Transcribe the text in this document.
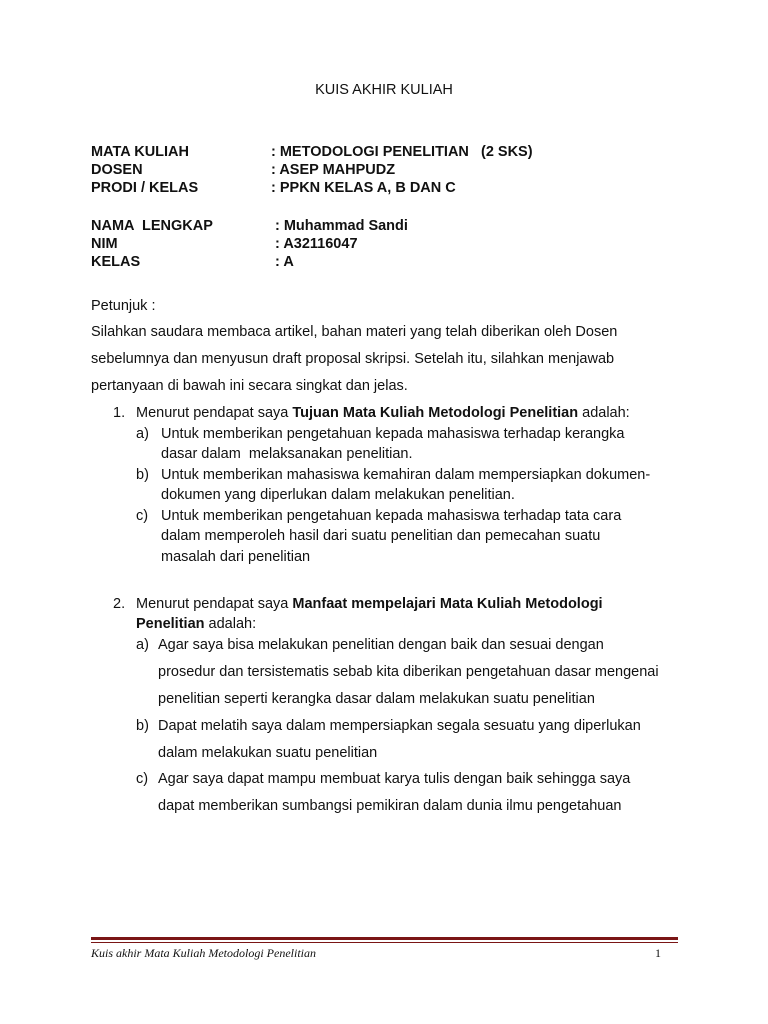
KUIS AKHIR KULIAH
MATA KULIAH	: METODOLOGI PENELITIAN   (2 SKS)
DOSEN	: ASEP MAHPUDZ
PRODI / KELAS	: PPKN KELAS A, B DAN C
NAMA  LENGKAP	: Muhammad Sandi
NIM	: A32116047
KELAS	: A
Petunjuk :
Silahkan saudara membaca artikel, bahan materi yang telah diberikan oleh Dosen
sebelumnya dan menyusun draft proposal skripsi. Setelah itu, silahkan menjawab
pertanyaan di bawah ini secara singkat dan jelas.
1. Menurut pendapat saya Tujuan Mata Kuliah Metodologi Penelitian adalah:
a) Untuk memberikan pengetahuan kepada mahasiswa terhadap kerangka
dasar dalam  melaksanakan penelitian.
b) Untuk memberikan mahasiswa kemahiran dalam mempersiapkan dokumen-
dokumen yang diperlukan dalam melakukan penelitian.
c) Untuk memberikan pengetahuan kepada mahasiswa terhadap tata cara
dalam memperoleh hasil dari suatu penelitian dan pemecahan suatu
masalah dari penelitian
2. Menurut pendapat saya Manfaat mempelajari Mata Kuliah Metodologi
Penelitian adalah:
a) Agar saya bisa melakukan penelitian dengan baik dan sesuai dengan
prosedur dan tersistematis sebab kita diberikan pengetahuan dasar mengenai
penelitian seperti kerangka dasar dalam melakukan suatu penelitian
b) Dapat melatih saya dalam mempersiapkan segala sesuatu yang diperlukan
dalam melakukan suatu penelitian
c) Agar saya dapat mampu membuat karya tulis dengan baik sehingga saya
dapat memberikan sumbangsi pemikiran dalam dunia ilmu pengetahuan
Kuis akhir Mata Kuliah Metodologi Penelitian	1
